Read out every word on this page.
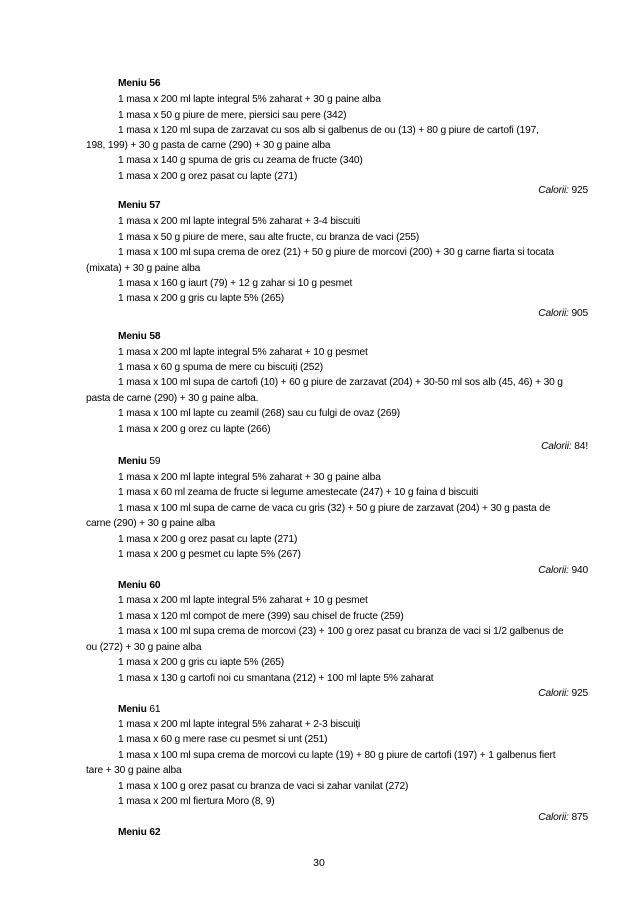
Meniu 56
1 masa x 200 ml lapte integral 5% zaharat + 30 g paine alba
1 masa x 50 g piure de mere, piersici sau pere (342)
1 masa x 120 ml supa de zarzavat cu sos alb si galbenus de ou (13) + 80 g piure de cartofi (197,
198, 199) + 30 g pasta de carne (290) + 30 g paine alba
1 masa x 140 g spuma de gris cu zeama de fructe (340)
1 masa x 200 g orez pasat cu lapte (271)
Calorii: 925
Meniu 57
1 masa x 200 ml lapte integral 5% zaharat + 3-4 biscuiti
1 masa x 50 g piure de mere, sau alte fructe, cu branza de vaci (255)
1 masa x 100 ml supa crema de orez (21) + 50 g piure de morcovi (200) + 30 g carne fiarta si tocata
(mixata) + 30 g paine alba
1 masa x 160 g iaurt (79) + 12 g zahar si 10 g pesmet
1 masa x 200 g gris cu lapte 5% (265)
Calorii: 905
Meniu 58
1 masa x 200 ml lapte integral 5% zaharat + 10 g pesmet
1 masa x 60 g spuma de mere cu biscuiți (252)
1 masa x 100 ml supa de cartofi (10) + 60 g piure de zarzavat (204) + 30-50 ml sos alb (45, 46) + 30 g
pasta de carne (290) + 30 g paine alba.
1 masa x 100 ml lapte cu zeamil (268) sau cu fulgi de ovaz (269)
1 masa x 200 g orez cu lapte (266)
Calorii: 84!
Meniu 59
1 masa x 200 ml lapte integral 5% zaharat + 30 g paine alba
1 masa x 60 ml zeama de fructe si legume amestecate (247) + 10 g faina d biscuiti
1 masa x 100 ml supa de carne de vaca cu gris (32) + 50 g piure de zarzavat (204) + 30 g pasta de
carne (290) + 30 g paine alba
1 masa x 200 g orez pasat cu lapte (271)
1 masa x 200 g pesmet cu lapte 5% (267)
Calorii: 940
Meniu 60
1 masa x 200 ml lapte integral 5% zaharat + 10 g pesmet
1 masa x 120 ml compot de mere (399) sau chisel de fructe (259)
1 masa x 100 ml supa crema de morcovi (23) + 100 g orez pasat cu branza de vaci si 1/2 galbenus de
ou (272) + 30 g paine alba
1 masa x 200 g gris cu iapte 5% (265)
1 masa x 130 g cartofi noi cu smantana (212) + 100 ml lapte 5% zaharat
Calorii: 925
Meniu 61
1 masa x 200 ml lapte integral 5% zaharat + 2-3 biscuiți
1 masa x 60 g mere rase cu pesmet si unt (251)
1 masa x 100 ml supa crema de morcovi cu lapte (19) + 80 g piure de cartofi (197) + 1 galbenus fiert
tare + 30 g paine alba
1 masa x 100 g orez pasat cu branza de vaci si zahar vanilat (272)
1 masa x 200 ml fiertura Moro (8, 9)
Calorii: 875
Meniu 62
30
